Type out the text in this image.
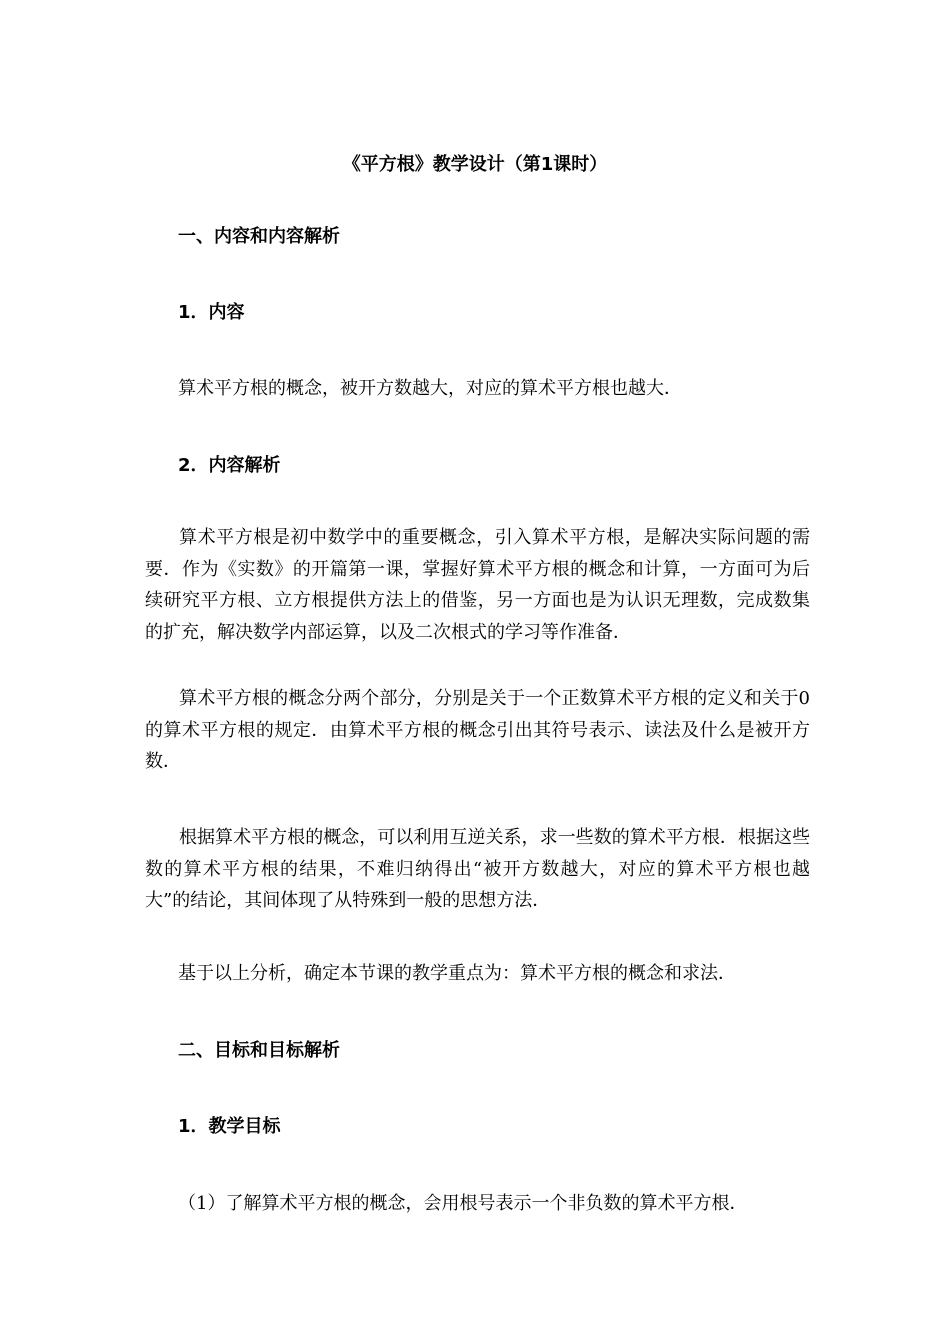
《平方根》教学设计（第1课时）
一、内容和内容解析
1．内容
算术平方根的概念，被开方数越大，对应的算术平方根也越大．
2．内容解析
算术平方根是初中数学中的重要概念，引入算术平方根，是解决实际问题的需要．作为《实数》的开篇第一课，掌握好算术平方根的概念和计算，一方面可为后续研究平方根、立方根提供方法上的借鉴，另一方面也是为认识无理数，完成数集的扩充，解决数学内部运算，以及二次根式的学习等作准备．
算术平方根的概念分两个部分，分别是关于一个正数算术平方根的定义和关于0的算术平方根的规定．由算术平方根的概念引出其符号表示、读法及什么是被开方数．
根据算术平方根的概念，可以利用互逆关系，求一些数的算术平方根．根据这些数的算术平方根的结果，不难归纳得出“被开方数越大，对应的算术平方根也越大”的结论，其间体现了从特殊到一般的思想方法．
基于以上分析，确定本节课的教学重点为：算术平方根的概念和求法．
二、目标和目标解析
1．教学目标
（1）了解算术平方根的概念，会用根号表示一个非负数的算术平方根．
